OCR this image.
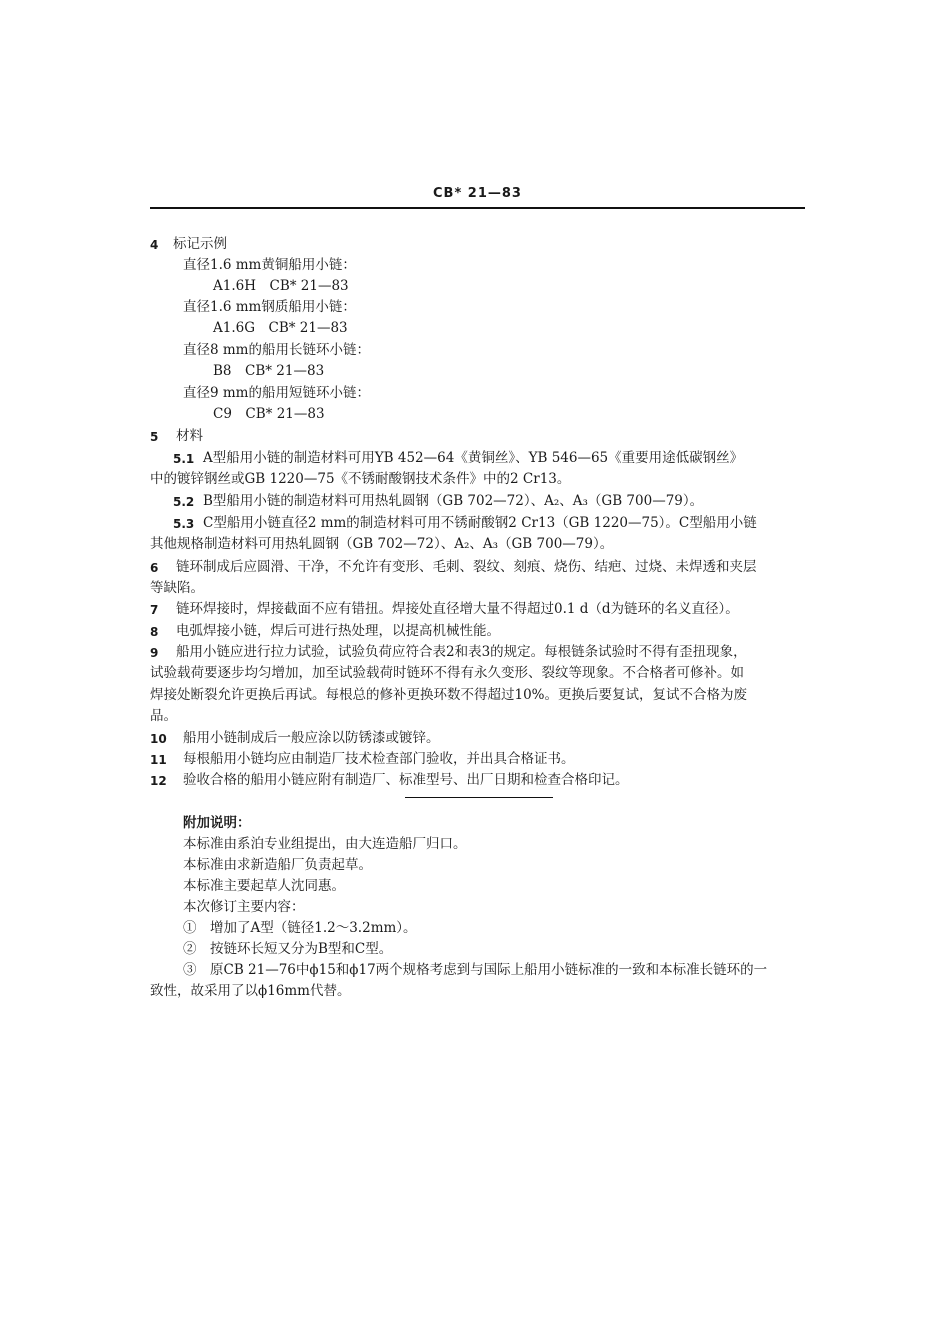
CB* 21—83
4 标记示例
直径1.6 mm黄铜船用小链：
A1.6H　CB* 21—83
直径1.6 mm钢质船用小链：
A1.6G　CB* 21—83
直径8 mm的船用长链环小链：
B8　CB* 21—83
直径9 mm的船用短链环小链：
C9　CB* 21—83
5 材料
5.1 A型船用小链的制造材料可用YB 452—64《黄铜丝》、YB 546—65《重要用途低碳钢丝》
中的镀锌钢丝或GB 1220—75《不锈耐酸钢技术条件》中的2 Cr13。
5.2 B型船用小链的制造材料可用热轧圆钢（GB 702—72）、A₂、A₃（GB 700—79）。
5.3 C型船用小链直径2 mm的制造材料可用不锈耐酸钢2 Cr13（GB 1220—75）。C型船用小链
其他规格制造材料可用热轧圆钢（GB 702—72）、A₂、A₃（GB 700—79）。
6 链环制成后应圆滑、干净，不允许有变形、毛刺、裂纹、刻痕、烧伤、结疤、过烧、未焊透和夹层
等缺陷。
7 链环焊接时，焊接截面不应有错扭。焊接处直径增大量不得超过0.1 d（d为链环的名义直径）。
8 电弧焊接小链，焊后可进行热处理，以提高机械性能。
9 船用小链应进行拉力试验，试验负荷应符合表2和表3的规定。每根链条试验时不得有歪扭现象，
试验载荷要逐步均匀增加，加至试验载荷时链环不得有永久变形、裂纹等现象。不合格者可修补。如
焊接处断裂允许更换后再试。每根总的修补更换环数不得超过10%。更换后要复试，复试不合格为废
品。
10 船用小链制成后一般应涂以防锈漆或镀锌。
11 每根船用小链均应由制造厂技术检查部门验收，并出具合格证书。
12 验收合格的船用小链应附有制造厂、标准型号、出厂日期和检查合格印记。
附加说明：
本标准由系泊专业组提出，由大连造船厂归口。
本标准由求新造船厂负责起草。
本标准主要起草人沈同惠。
本次修订主要内容：
①　增加了A型（链径1.2～3.2mm）。
②　按链环长短又分为B型和C型。
③　原CB 21—76中ϕ15和ϕ17两个规格考虑到与国际上船用小链标准的一致和本标准长链环的一
致性，故采用了以ϕ16mm代替。
